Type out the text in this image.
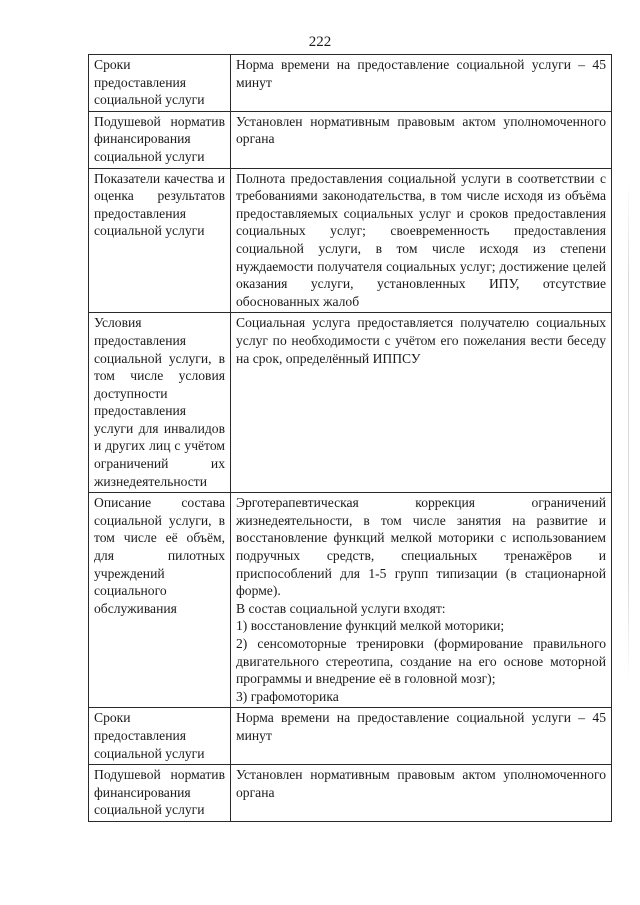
222
Сроки предоставления социальной услуги	Норма времени на предоставление социальной услуги – 45 минут

Подушевой норматив финансирования социальной услуги	Установлен нормативным правовым актом уполномоченного органа

Показатели качества и оценка результатов предоставления социальной услуги	Полнота предоставления социальной услуги в соответствии с требованиями законодательства, в том числе исходя из объёма предоставляемых социальных услуг и сроков предоставления социальных услуг; своевременность предоставления социальной услуги, в том числе исходя из степени нуждаемости получателя социальных услуг; достижение целей оказания услуги, установленных ИПУ, отсутствие обоснованных жалоб

Условия предоставления социальной услуги, в том числе условия доступности предоставления услуги для инвалидов и других лиц с учётом ограничений их жизнедеятельности	Социальная услуга предоставляется получателю социальных услуг по необходимости с учётом его пожелания вести беседу на срок, определённый ИППСУ

Описание состава социальной услуги, в том числе её объём, для пилотных учреждений социального обслуживания	Эрготерапевтическая коррекция ограничений жизнедеятельности, в том числе занятия на развитие и восстановление функций мелкой моторики с использованием подручных средств, специальных тренажёров и приспособлений для 1-5 групп типизации (в стационарной форме).
В состав социальной услуги входят:
1) восстановление функций мелкой моторики;
2) сенсомоторные тренировки (формирование правильного двигательного стереотипа, создание на его основе моторной программы и внедрение её в головной мозг);
3) графомоторика

Сроки предоставления социальной услуги	Норма времени на предоставление социальной услуги – 45 минут

Подушевой норматив финансирования социальной услуги	Установлен нормативным правовым актом уполномоченного органа
